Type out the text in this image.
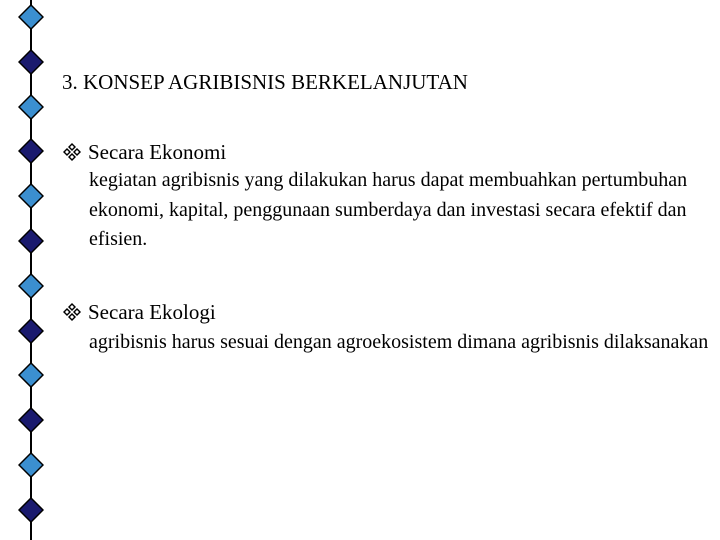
3. KONSEP AGRIBISNIS BERKELANJUTAN
Secara Ekonomi
kegiatan agribisnis yang dilakukan harus dapat membuahkan pertumbuhan ekonomi, kapital, penggunaan sumberdaya dan investasi secara efektif dan efisien.
Secara Ekologi
agribisnis harus sesuai dengan agroekosistem dimana agribisnis dilaksanakan
